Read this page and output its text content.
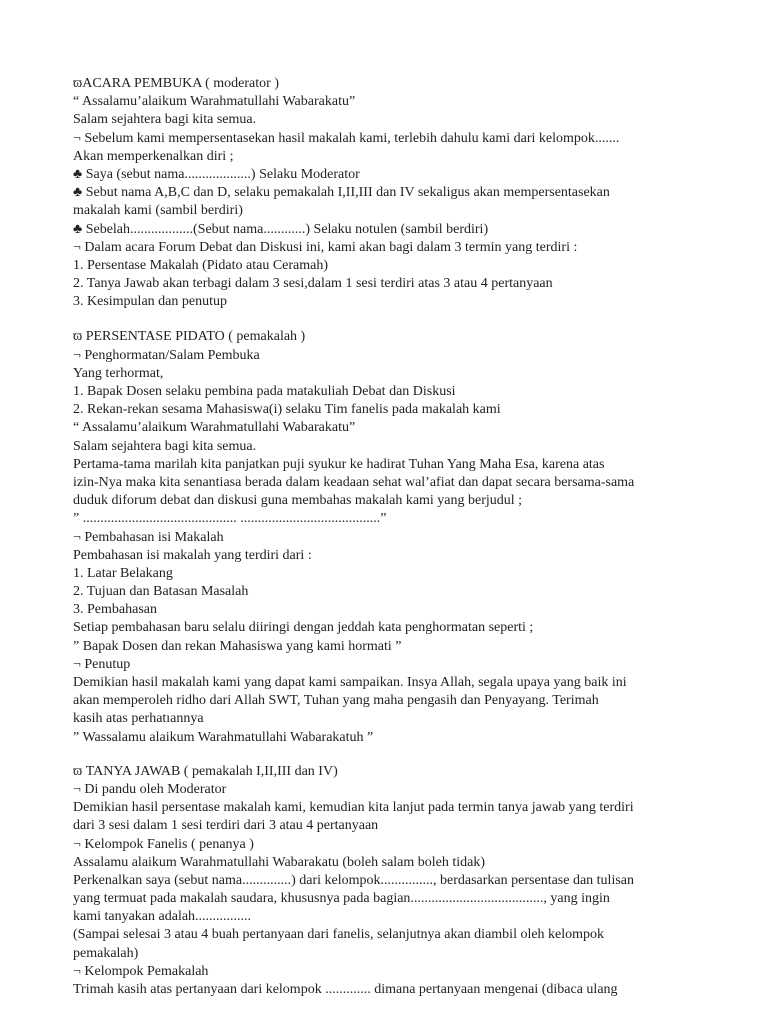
ϖACARA PEMBUKA ( moderator )
“ Assalamu’alaikum Warahmatullahi Wabarakatu”
Salam sejahtera bagi kita semua.
¬ Sebelum kami mempersentasekan hasil makalah kami, terlebih dahulu kami dari kelompok.......
Akan memperkenalkan diri ;
♣ Saya (sebut nama...................) Selaku Moderator
♣ Sebut nama A,B,C dan D, selaku pemakalah I,II,III dan IV sekaligus akan mempersentasekan
makalah kami (sambil berdiri)
♣ Sebelah..................(Sebut nama............) Selaku notulen (sambil berdiri)
¬ Dalam acara Forum Debat dan Diskusi ini, kami akan bagi dalam 3 termin yang terdiri :
1. Persentase Makalah (Pidato atau Ceramah)
2. Tanya Jawab akan terbagi dalam 3 sesi,dalam 1 sesi terdiri atas 3 atau 4 pertanyaan
3. Kesimpulan dan penutup
ϖ PERSENTASE PIDATO ( pemakalah )
¬ Penghormatan/Salam Pembuka
Yang terhormat,
1. Bapak Dosen selaku pembina pada matakuliah Debat dan Diskusi
2. Rekan-rekan sesama Mahasiswa(i) selaku Tim fanelis pada makalah kami
“ Assalamu’alaikum Warahmatullahi Wabarakatu”
Salam sejahtera bagi kita semua.
Pertama-tama marilah kita panjatkan puji syukur ke hadirat Tuhan Yang Maha Esa, karena atas
izin-Nya maka kita senantiasa berada dalam keadaan sehat wal’afiat dan dapat secara bersama-sama
duduk diforum debat dan diskusi guna membahas makalah kami yang berjudul ;
” ............................................ ........................................”
¬ Pembahasan isi Makalah
Pembahasan isi makalah yang terdiri dari :
1. Latar Belakang
2. Tujuan dan Batasan Masalah
3. Pembahasan
Setiap pembahasan baru selalu diiringi dengan jeddah kata penghormatan seperti ;
” Bapak Dosen dan rekan Mahasiswa yang kami hormati ”
¬ Penutup
Demikian hasil makalah kami yang dapat kami sampaikan. Insya Allah, segala upaya yang baik ini
akan memperoleh ridho dari Allah SWT, Tuhan yang maha pengasih dan Penyayang. Terimah
kasih atas perhatıannya
” Wassalamu alaikum Warahmatullahi Wabarakatuh ”
ϖ TANYA JAWAB ( pemakalah I,II,III dan IV)
¬ Di pandu oleh Moderator
Demikian hasil persentase makalah kami, kemudian kita lanjut pada termin tanya jawab yang terdiri
dari 3 sesi dalam 1 sesi terdiri dari 3 atau 4 pertanyaan
¬ Kelompok Fanelis ( penanya )
Assalamu alaikum Warahmatullahi Wabarakatu (boleh salam boleh tidak)
Perkenalkan saya (sebut nama..............) dari kelompok..............., berdasarkan persentase dan tulisan
yang termuat pada makalah saudara, khususnya pada bagian......................................, yang ingin
kami tanyakan adalah................
(Sampai selesai 3 atau 4 buah pertanyaan dari fanelis, selanjutnya akan diambil oleh kelompok
pemakalah)
¬ Kelompok Pemakalah
Trimah kasih atas pertanyaan dari kelompok ............. dimana pertanyaan mengenai (dibaca ulang
